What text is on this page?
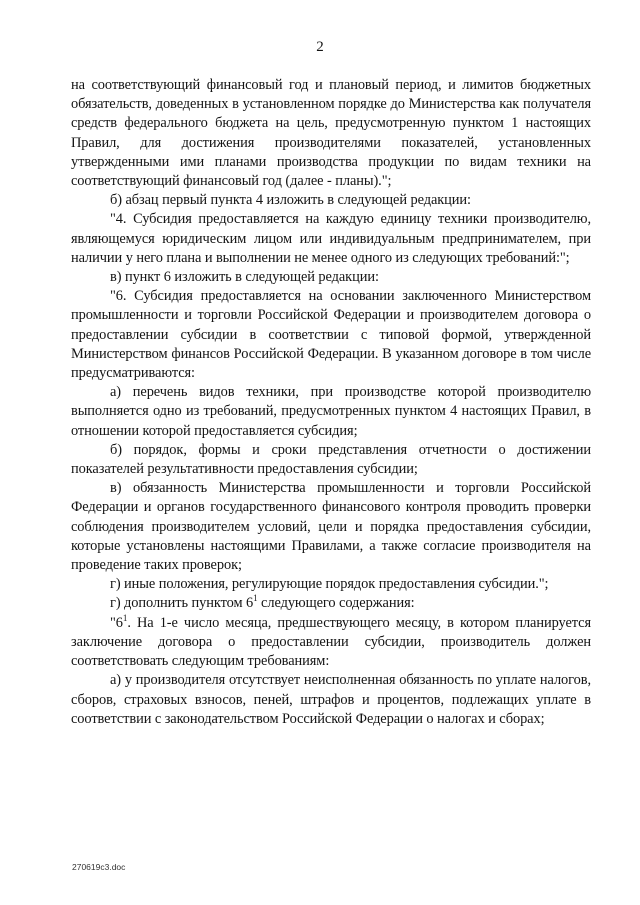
2

на соответствующий финансовый год и плановый период, и лимитов бюджетных обязательств, доведенных в установленном порядке до Министерства как получателя средств федерального бюджета на цель, предусмотренную пунктом 1 настоящих Правил, для достижения производителями показателей, установленных утвержденными ими планами производства продукции по видам техники на соответствующий финансовый год (далее - планы).";

б) абзац первый пункта 4 изложить в следующей редакции:

"4. Субсидия предоставляется на каждую единицу техники производителю, являющемуся юридическим лицом или индивидуальным предпринимателем, при наличии у него плана и выполнении не менее одного из следующих требований:";

в) пункт 6 изложить в следующей редакции:

"6. Субсидия предоставляется на основании заключенного Министерством промышленности и торговли Российской Федерации и производителем договора о предоставлении субсидии в соответствии с типовой формой, утвержденной Министерством финансов Российской Федерации. В указанном договоре в том числе предусматриваются:

а) перечень видов техники, при производстве которой производителю выполняется одно из требований, предусмотренных пунктом 4 настоящих Правил, в отношении которой предоставляется субсидия;

б) порядок, формы и сроки представления отчетности о достижении показателей результативности предоставления субсидии;

в) обязанность Министерства промышленности и торговли Российской Федерации и органов государственного финансового контроля проводить проверки соблюдения производителем условий, цели и порядка предоставления субсидии, которые установлены настоящими Правилами, а также согласие производителя на проведение таких проверок;

г) иные положения, регулирующие порядок предоставления субсидии.";

г) дополнить пунктом $6^1$ следующего содержания:

"$6^1$. На 1-е число месяца, предшествующего месяцу, в котором планируется заключение договора о предоставлении субсидии, производитель должен соответствовать следующим требованиям:

а) у производителя отсутствует неисполненная обязанность по уплате налогов, сборов, страховых взносов, пеней, штрафов и процентов, подлежащих уплате в соответствии с законодательством Российской Федерации о налогах и сборах;

270619c3.doc
